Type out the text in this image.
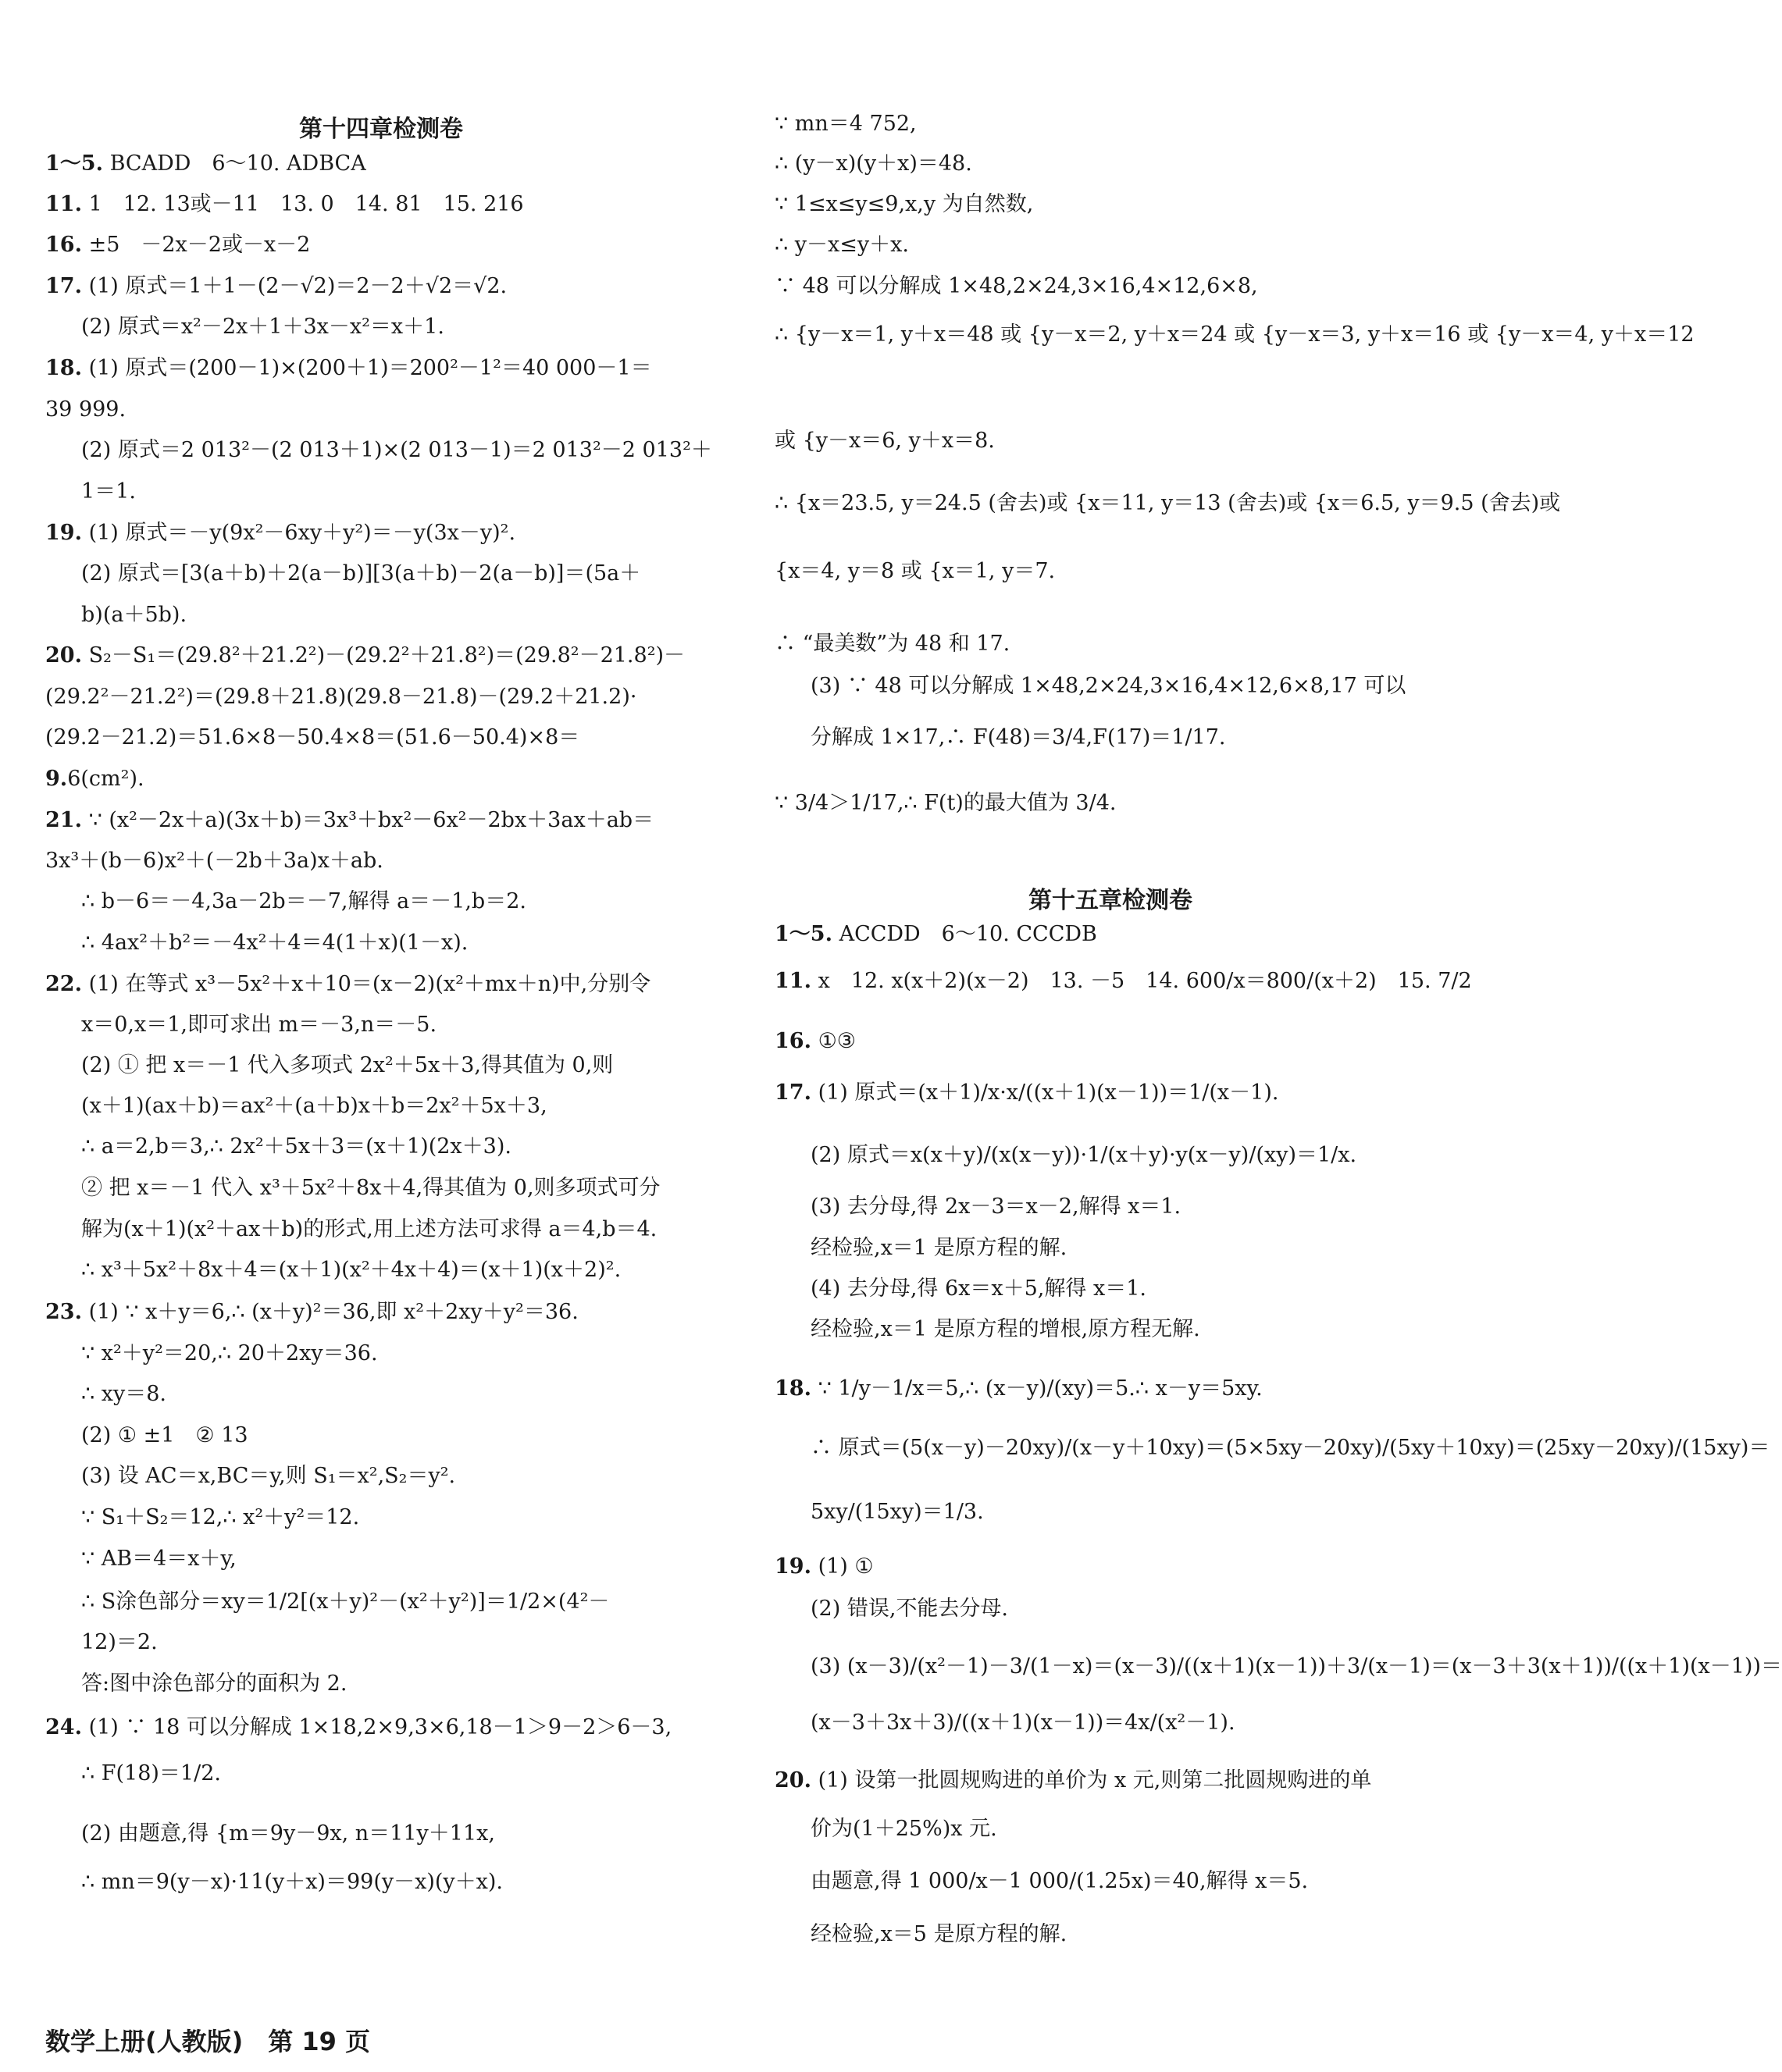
第十四章检测卷
1～5. BCADD　6～10. ADBCA
11. 1　12. 13或－11　13. 0　14. 81　15. 216
16. ±5　－2x－2或－x－2
17. (1) 原式＝1＋1－(2－√2)＝2－2＋√2＝√2.
(2) 原式＝x²－2x＋1＋3x－x²＝x＋1.
18. (1) 原式＝(200－1)×(200＋1)＝200²－1²＝40 000－1＝
39 999.
(2) 原式＝2 013²－(2 013＋1)×(2 013－1)＝2 013²－2 013²＋
1＝1.
19. (1) 原式＝－y(9x²－6xy＋y²)＝－y(3x－y)².
(2) 原式＝[3(a＋b)＋2(a－b)][3(a＋b)－2(a－b)]＝(5a＋
b)(a＋5b).
20. S₂－S₁＝(29.8²＋21.2²)－(29.2²＋21.8²)＝(29.8²－21.8²)－
(29.2²－21.2²)＝(29.8＋21.8)(29.8－21.8)－(29.2＋21.2)·
(29.2－21.2)＝51.6×8－50.4×8＝(51.6－50.4)×8＝
9.6(cm²).
21. ∵ (x²－2x＋a)(3x＋b)＝3x³＋bx²－6x²－2bx＋3ax＋ab＝
3x³＋(b－6)x²＋(－2b＋3a)x＋ab.
∴ b－6＝－4,3a－2b＝－7,解得 a＝－1,b＝2.
∴ 4ax²＋b²＝－4x²＋4＝4(1＋x)(1－x).
22. (1) 在等式 x³－5x²＋x＋10＝(x－2)(x²＋mx＋n)中,分别令
x＝0,x＝1,即可求出 m＝－3,n＝－5.
(2) ① 把 x＝－1 代入多项式 2x²＋5x＋3,得其值为 0,则
(x＋1)(ax＋b)＝ax²＋(a＋b)x＋b＝2x²＋5x＋3,
∴ a＝2,b＝3,∴ 2x²＋5x＋3＝(x＋1)(2x＋3).
② 把 x＝－1 代入 x³＋5x²＋8x＋4,得其值为 0,则多项式可分
解为(x＋1)(x²＋ax＋b)的形式,用上述方法可求得 a＝4,b＝4.
∴ x³＋5x²＋8x＋4＝(x＋1)(x²＋4x＋4)＝(x＋1)(x＋2)².
23. (1) ∵ x＋y＝6,∴ (x＋y)²＝36,即 x²＋2xy＋y²＝36.
∵ x²＋y²＝20,∴ 20＋2xy＝36.
∴ xy＝8.
(2) ① ±1　② 13
(3) 设 AC＝x,BC＝y,则 S₁＝x²,S₂＝y².
∵ S₁＋S₂＝12,∴ x²＋y²＝12.
∵ AB＝4＝x＋y,
∴ S涂色部分＝xy＝1/2[(x＋y)²－(x²＋y²)]＝1/2×(4²－
12)＝2.
答:图中涂色部分的面积为 2.
24. (1) ∵ 18 可以分解成 1×18,2×9,3×6,18－1＞9－2＞6－3,
∴ F(18)＝1/2.
(2) 由题意,得 {m＝9y－9x, n＝11y＋11x,
∴ mn＝9(y－x)·11(y＋x)＝99(y－x)(y＋x).
数学上册(人教版)　第 19 页
∵ mn＝4 752,
∴ (y－x)(y＋x)＝48.
∵ 1≤x≤y≤9,x,y 为自然数,
∴ y－x≤y＋x.
∵ 48 可以分解成 1×48,2×24,3×16,4×12,6×8,
∴ {y－x＝1, y＋x＝48 或 {y－x＝2, y＋x＝24 或 {y－x＝3, y＋x＝16 或 {y－x＝4, y＋x＝12
或 {y－x＝6, y＋x＝8.
∴ {x＝23.5, y＝24.5 (舍去)或 {x＝11, y＝13 (舍去)或 {x＝6.5, y＝9.5 (舍去)或
{x＝4, y＝8 或 {x＝1, y＝7.
∴ “最美数”为 48 和 17.
(3) ∵ 48 可以分解成 1×48,2×24,3×16,4×12,6×8,17 可以
分解成 1×17,∴ F(48)＝3/4,F(17)＝1/17.
∵ 3/4＞1/17,∴ F(t)的最大值为 3/4.
第十五章检测卷
1～5. ACCDD　6～10. CCCDB
11. x　12. x(x＋2)(x－2)　13. －5　14. 600/x＝800/(x＋2)　15. 7/2
16. ①③
17. (1) 原式＝(x＋1)/x·x/((x＋1)(x－1))＝1/(x－1).
(2) 原式＝x(x＋y)/(x(x－y))·1/(x＋y)·y(x－y)/(xy)＝1/x.
(3) 去分母,得 2x－3＝x－2,解得 x＝1.
经检验,x＝1 是原方程的解.
(4) 去分母,得 6x＝x＋5,解得 x＝1.
经检验,x＝1 是原方程的增根,原方程无解.
18. ∵ 1/y－1/x＝5,∴ (x－y)/(xy)＝5.∴ x－y＝5xy.
∴ 原式＝(5(x－y)－20xy)/(x－y＋10xy)＝(5×5xy－20xy)/(5xy＋10xy)＝(25xy－20xy)/(15xy)＝
5xy/(15xy)＝1/3.
19. (1) ①
(2) 错误,不能去分母.
(3) (x－3)/(x²－1)－3/(1－x)＝(x－3)/((x＋1)(x－1))＋3/(x－1)＝(x－3＋3(x＋1))/((x＋1)(x－1))＝
(x－3＋3x＋3)/((x＋1)(x－1))＝4x/(x²－1).
20. (1) 设第一批圆规购进的单价为 x 元,则第二批圆规购进的单
价为(1＋25%)x 元.
由题意,得 1 000/x－1 000/(1.25x)＝40,解得 x＝5.
经检验,x＝5 是原方程的解.
